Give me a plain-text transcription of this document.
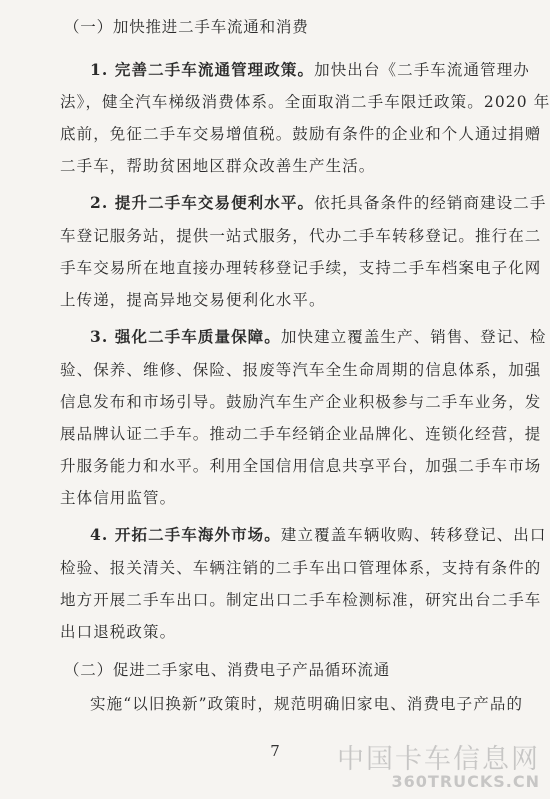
（一）加快推进二手车流通和消费
1. 完善二手车流通管理政策。加快出台《二手车流通管理办
法》，健全汽车梯级消费体系。全面取消二手车限迁政策。2020 年
底前，免征二手车交易增值税。鼓励有条件的企业和个人通过捐赠
二手车，帮助贫困地区群众改善生产生活。
2. 提升二手车交易便利水平。依托具备条件的经销商建设二手
车登记服务站，提供一站式服务，代办二手车转移登记。推行在二
手车交易所在地直接办理转移登记手续，支持二手车档案电子化网
上传递，提高异地交易便利化水平。
3. 强化二手车质量保障。加快建立覆盖生产、销售、登记、检
验、保养、维修、保险、报废等汽车全生命周期的信息体系，加强
信息发布和市场引导。鼓励汽车生产企业积极参与二手车业务，发
展品牌认证二手车。推动二手车经销企业品牌化、连锁化经营，提
升服务能力和水平。利用全国信用信息共享平台，加强二手车市场
主体信用监管。
4. 开拓二手车海外市场。建立覆盖车辆收购、转移登记、出口
检验、报关清关、车辆注销的二手车出口管理体系，支持有条件的
地方开展二手车出口。制定出口二手车检测标准，研究出台二手车
出口退税政策。
（二）促进二手家电、消费电子产品循环流通
实施“以旧换新”政策时，规范明确旧家电、消费电子产品的
7	中国卡车信息网
360TRUCKS.CN
